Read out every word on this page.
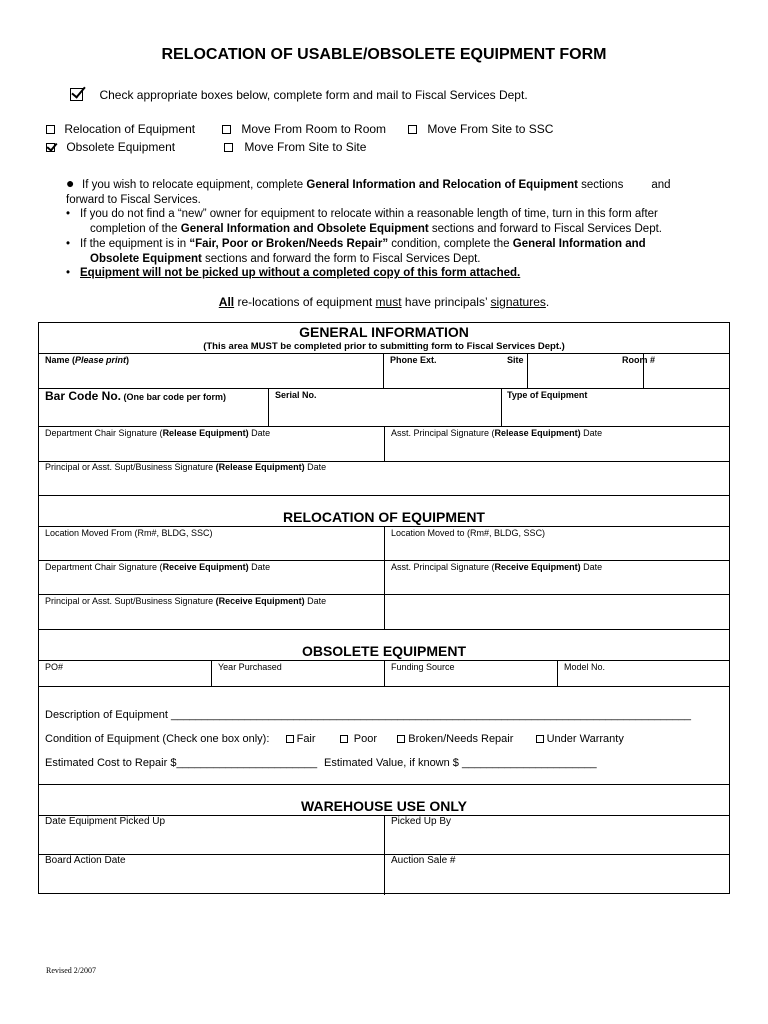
RELOCATION OF USABLE/OBSOLETE EQUIPMENT FORM
Check appropriate boxes below, complete form and mail to Fiscal Services Dept.
Relocation of Equipment
Obsolete Equipment
Move From Room to Room
Move From Site to Site
Move From Site to SSC
● If you wish to relocate equipment, complete General Information and Relocation of Equipment sections and
forward to Fiscal Services.
• If you do not find a “new” owner for equipment to relocate within a reasonable length of time, turn in this form after
completion of the General Information and Obsolete Equipment sections and forward to Fiscal Services Dept.
• If the equipment is in “Fair, Poor or Broken/Needs Repair” condition, complete the General Information and
Obsolete Equipment sections and forward the form to Fiscal Services Dept.
• Equipment will not be picked up without a completed copy of this form attached.
All re-locations of equipment must have principals’ signatures.
GENERAL INFORMATION
(This area MUST be completed prior to submitting form to Fiscal Services Dept.)
Name (Please print)	Phone Ext.	Site	Room #
Bar Code No. (One bar code per form)	Serial No.	Type of Equipment
Department Chair Signature (Release Equipment) Date	Asst. Principal Signature (Release Equipment) Date
Principal or Asst. Supt/Business Signature (Release Equipment) Date
RELOCATION OF EQUIPMENT
Location Moved From (Rm#, BLDG, SSC)	Location Moved to (Rm#, BLDG, SSC)
Department Chair Signature (Receive Equipment) Date	Asst. Principal Signature (Receive Equipment) Date
Principal or Asst. Supt/Business Signature (Receive Equipment) Date
OBSOLETE EQUIPMENT
PO#	Year Purchased	Funding Source	Model No.
Description of Equipment _____________________________________________________________________________________
Condition of Equipment (Check one box only): Fair	Poor	Broken/Needs Repair	Under Warranty
Estimated Cost to Repair $_______________________ Estimated Value, if known $ ______________________
WAREHOUSE USE ONLY
Date Equipment Picked Up	Picked Up By
Board Action Date	Auction Sale #
Revised 2/2007
